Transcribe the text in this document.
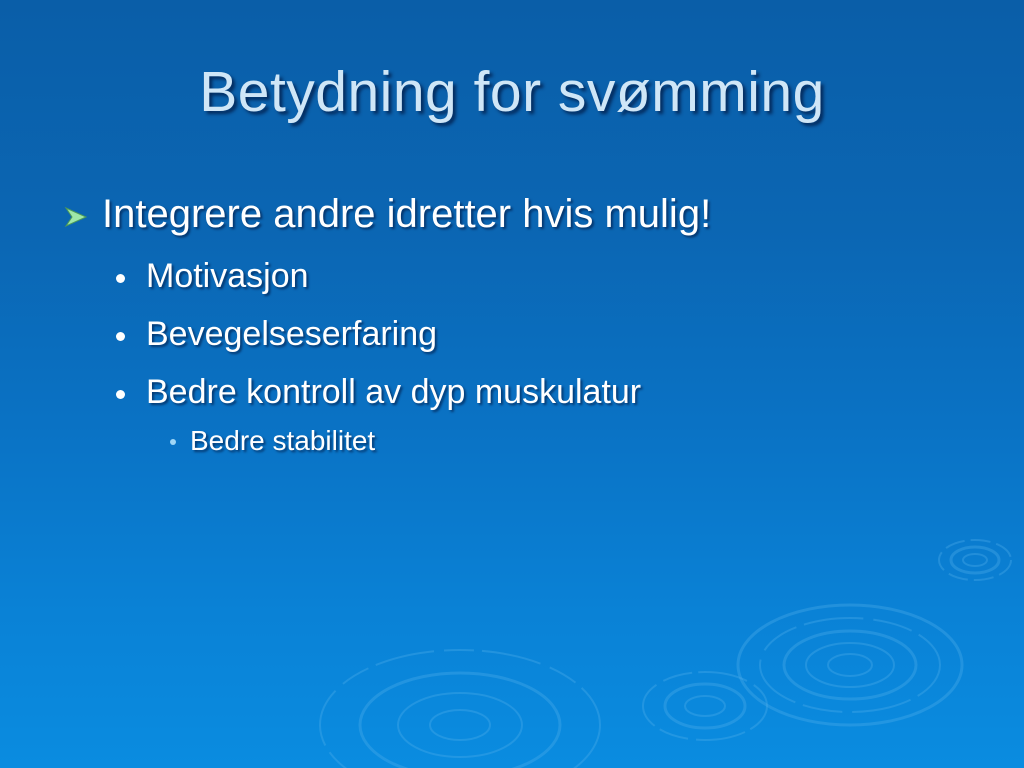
Betydning for svømming
Integrere andre idretter hvis mulig!
Motivasjon
Bevegelseserfaring
Bedre kontroll av dyp muskulatur
Bedre stabilitet
